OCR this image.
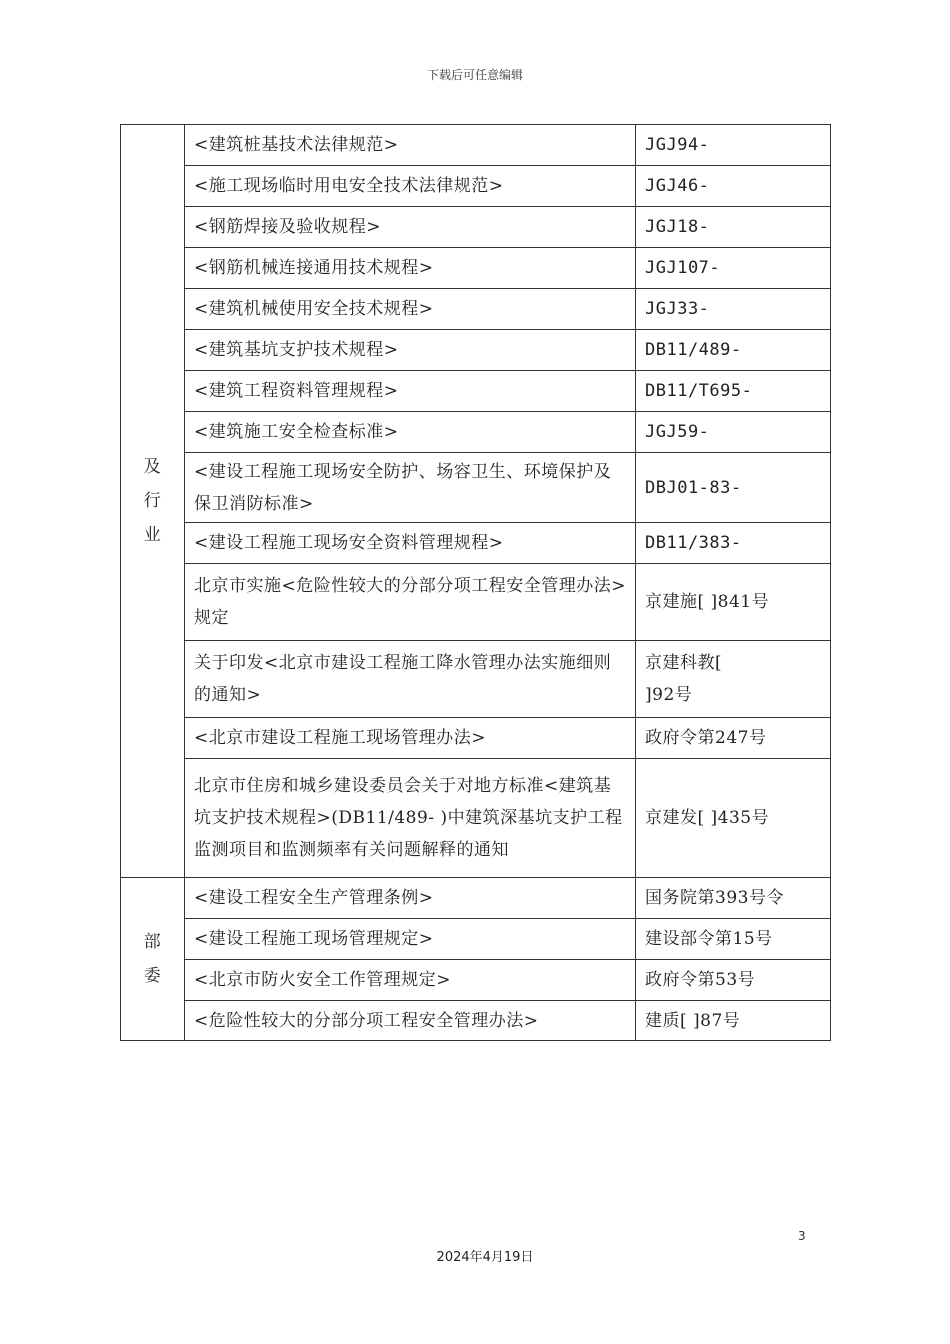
下载后可任意编辑
及行业	<建筑桩基技术法律规范>	JGJ94-
	<施工现场临时用电安全技术法律规范>	JGJ46-
	<钢筋焊接及验收规程>	JGJ18-
	<钢筋机械连接通用技术规程>	JGJ107-
	<建筑机械使用安全技术规程>	JGJ33-
	<建筑基坑支护技术规程>	DB11/489-
	<建筑工程资料管理规程>	DB11/T695-
	<建筑施工安全检查标准>	JGJ59-
	<建设工程施工现场安全防护、场容卫生、环境保护及保卫消防标准>	DBJ01-83-
	<建设工程施工现场安全资料管理规程>	DB11/383-
	北京市实施<危险性较大的分部分项工程安全管理办法>规定	京建施[ ]841号
	关于印发<北京市建设工程施工降水管理办法实施细则的通知>	京建科教[ ]92号
	<北京市建设工程施工现场管理办法>	政府令第247号
	北京市住房和城乡建设委员会关于对地方标准<建筑基坑支护技术规程>(DB11/489- )中建筑深基坑支护工程监测项目和监测频率有关问题解释的通知	京建发[ ]435号
部委	<建设工程安全生产管理条例>	国务院第393号令
	<建设工程施工现场管理规定>	建设部令第15号
	<北京市防火安全工作管理规定>	政府令第53号
	<危险性较大的分部分项工程安全管理办法>	建质[ ]87号
3
2024年4月19日
